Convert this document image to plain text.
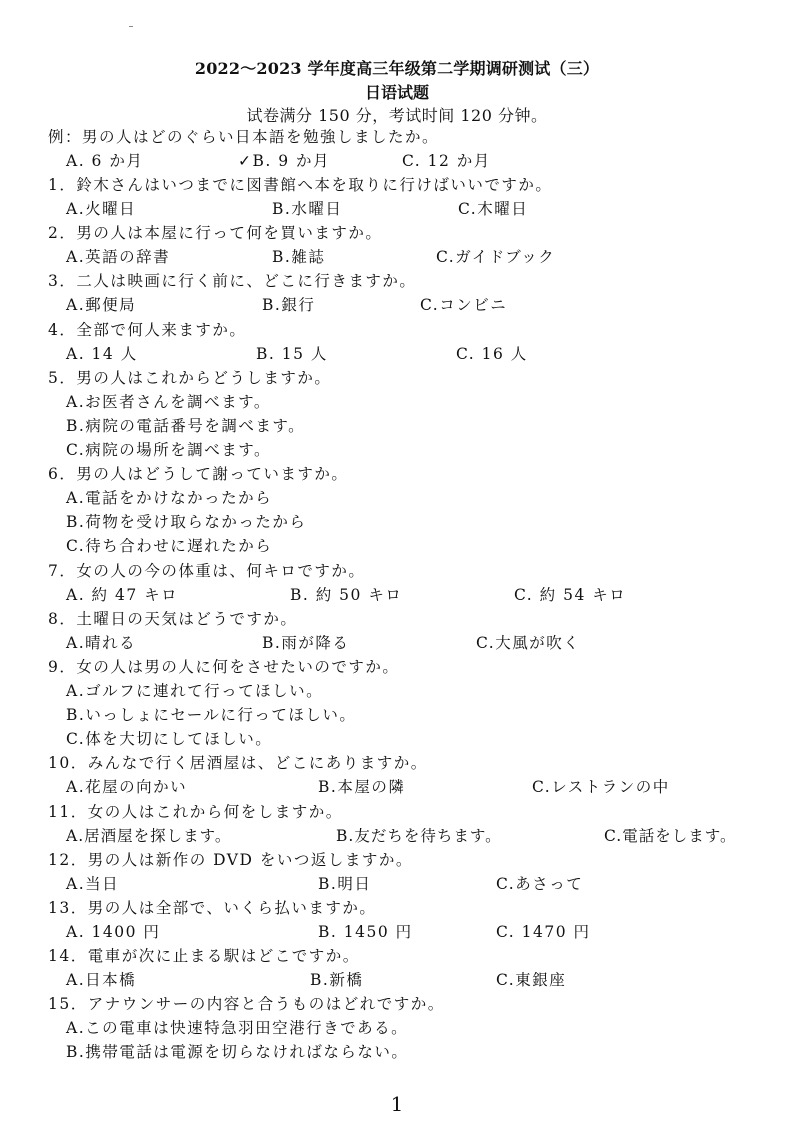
2022～2023 学年度高三年级第二学期调研测试（三）
日语试题
试卷满分 150 分，考试时间 120 分钟。
例：男の人はどのぐらい日本語を勉強しましたか。
A. 6 か月	✓B. 9 か月	C. 12 か月
1．鈴木さんはいつまでに図書館へ本を取りに行けばいいですか。
A.火曜日	B.水曜日	C.木曜日
2．男の人は本屋に行って何を買いますか。
A.英語の辞書	B.雑誌	C.ガイドブック
3．二人は映画に行く前に、どこに行きますか。
A.郵便局	B.銀行	C.コンビニ
4．全部で何人来ますか。
A. 14 人	B. 15 人	C. 16 人
5．男の人はこれからどうしますか。
A.お医者さんを調べます。
B.病院の電話番号を調べます。
C.病院の場所を調べます。
6．男の人はどうして謝っていますか。
A.電話をかけなかったから
B.荷物を受け取らなかったから
C.待ち合わせに遅れたから
7．女の人の今の体重は、何キロですか。
A. 約 47 キロ	B. 約 50 キロ	C. 約 54 キロ
8．土曜日の天気はどうですか。
A.晴れる	B.雨が降る	C.大風が吹く
9．女の人は男の人に何をさせたいのですか。
A.ゴルフに連れて行ってほしい。
B.いっしょにセールに行ってほしい。
C.体を大切にしてほしい。
10．みんなで行く居酒屋は、どこにありますか。
A.花屋の向かい	B.本屋の隣	C.レストランの中
11．女の人はこれから何をしますか。
A.居酒屋を探します。	B.友だちを待ちます。	C.電話をします。
12．男の人は新作の DVD をいつ返しますか。
A.当日	B.明日	C.あさって
13．男の人は全部で、いくら払いますか。
A. 1400 円	B. 1450 円	C. 1470 円
14．電車が次に止まる駅はどこですか。
A.日本橋	B.新橋	C.東銀座
15．アナウンサーの内容と合うものはどれですか。
A.この電車は快速特急羽田空港行きである。
B.携帯電話は電源を切らなければならない。
1
